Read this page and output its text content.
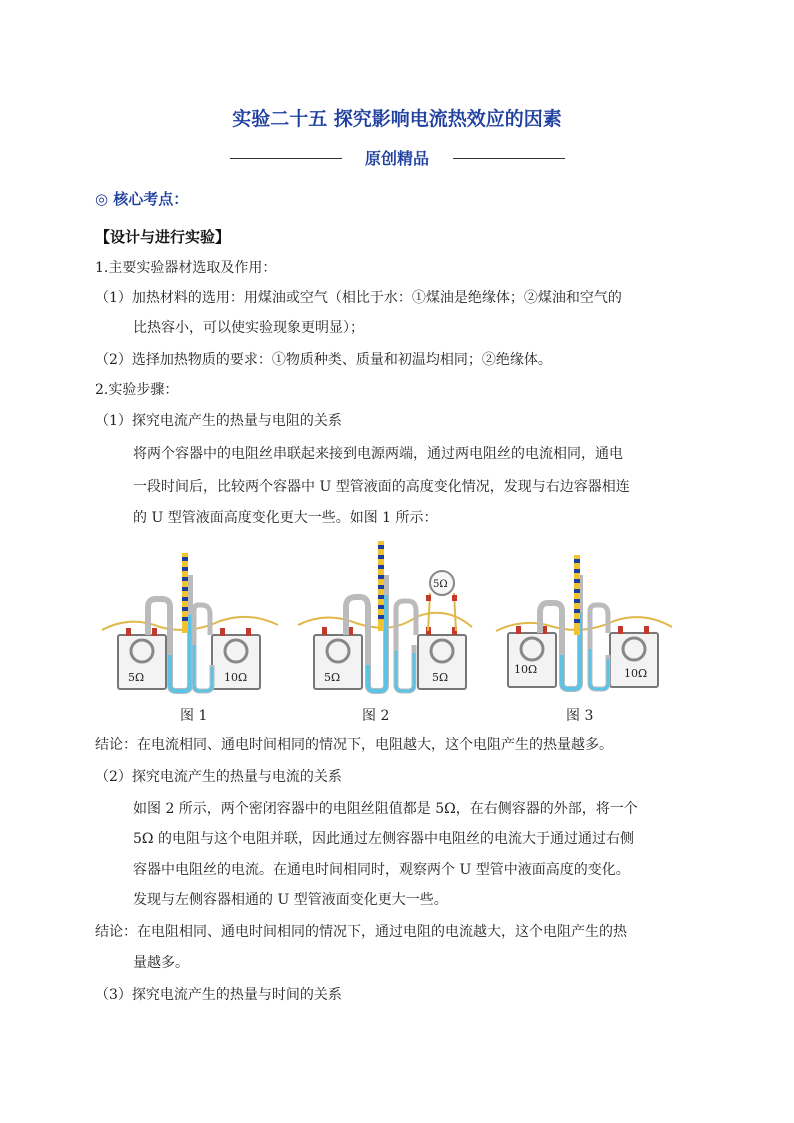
实验二十五 探究影响电流热效应的因素
原创精品
◎ 核心考点：
【设计与进行实验】
1.主要实验器材选取及作用：
（1）加热材料的选用：用煤油或空气（相比于水：①煤油是绝缘体；②煤油和空气的
比热容小，可以使实验现象更明显）；
（2）选择加热物质的要求：①物质种类、质量和初温均相同；②绝缘体。
2.实验步骤：
（1）探究电流产生的热量与电阻的关系
将两个容器中的电阻丝串联起来接到电源两端，通过两电阻丝的电流相同，通电
一段时间后，比较两个容器中 U 型管液面的高度变化情况，发现与右边容器相连
的 U 型管液面高度变化更大一些。如图 1 所示：
5Ω	10Ω
图 1
5Ω
5Ω	5Ω
图 2
10Ω	10Ω
图 3
结论：在电流相同、通电时间相同的情况下，电阻越大，这个电阻产生的热量越多。
（2）探究电流产生的热量与电流的关系
如图 2 所示，两个密闭容器中的电阻丝阻值都是 5Ω，在右侧容器的外部，将一个
5Ω 的电阻与这个电阻并联，因此通过左侧容器中电阻丝的电流大于通过通过右侧
容器中电阻丝的电流。在通电时间相同时，观察两个 U 型管中液面高度的变化。
发现与左侧容器相通的 U 型管液面变化更大一些。
结论：在电阻相同、通电时间相同的情况下，通过电阻的电流越大，这个电阻产生的热
量越多。
（3）探究电流产生的热量与时间的关系
